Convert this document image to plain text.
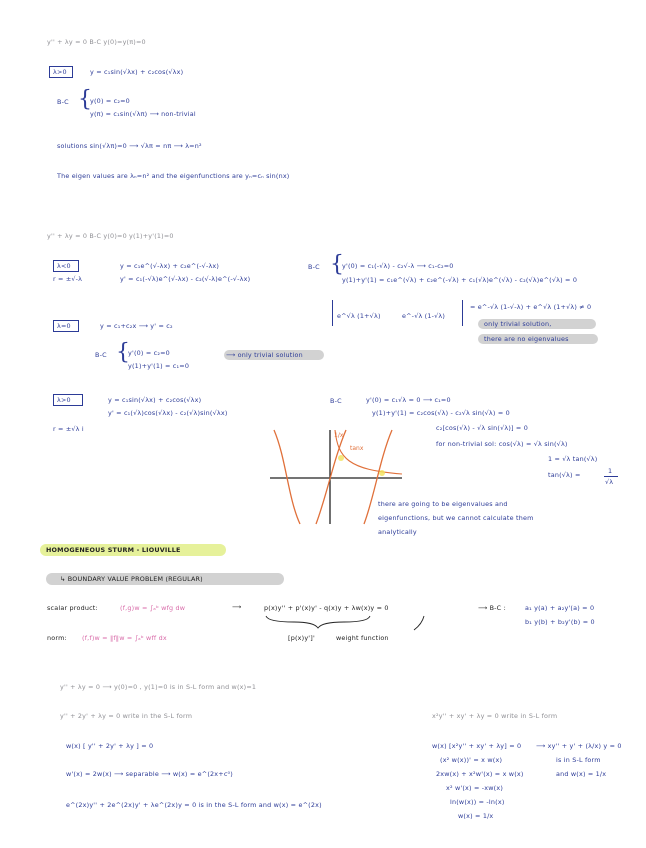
y'' + λy = 0 B-C y(0)=y(π)=0
λ>0	y = c₁sin(√λx) + c₂cos(√λx)
B-C {
y(0) = c₂=0
y(π) = c₁sin(√λπ) ⟶ non-trivial
solutions sin(√λπ)=0 ⟶ √λπ = nπ ⟶ λ=n²
The eigen values are λₙ=n² and the eigenfunctions are yₙ=cₙ sin(nx)
y'' + λy = 0 B-C y(0)=0 y(1)+y'(1)=0
λ<0
r = ±√-λ
y = c₁e^(√-λx) + c₂e^(-√-λx)
y' = c₁(-√λ)e^(√-λx) - c₂(√-λ)e^(-√-λx)
B-C {
y'(0) = c₁(-√λ) - c₂√-λ ⟶ c₁-c₂=0
y(1)+y'(1) = c₁e^(√λ) + c₂e^(-√λ) + c₁(√λ)e^(√λ) - c₂(√λ)e^(√λ) = 0
e^√λ (1+√λ)	e^-√λ (1-√λ)
= e^-√λ (1-√-λ) + e^√λ (1+√λ) ≠ 0
only trivial solution,
there are no eigenvalues
λ=0	y = c₁+c₂x ⟶ y' = c₂
B-C {
y'(0) = c₂=0
y(1)+y'(1) = c₁=0
⟶ only trivial solution
λ>0
r = ±√λ i
y = c₁sin(√λx) + c₂cos(√λx)
y' = c₁(√λ)cos(√λx) - c₂(√λ)sin(√λx)
B-C	y'(0) = c₁√λ = 0 ⟶ c₁=0
y(1)+y'(1) = c₂cos(√λ) - c₂√λ sin(√λ) = 0
c₂[cos(√λ) - √λ sin(√λ)] = 0
for non-trivial sol: cos(√λ) = √λ sin(√λ)
1 = √λ tan(√λ)
tan(√λ) =	1
√λ
1/x
tanx
there are going to be eigenvalues and
eigenfunctions, but we cannot calculate them
analytically
HOMOGENEOUS STURM - LIOUVILLE
↳ BOUNDARY VALUE PROBLEM (REGULAR)
scalar product:	(f,g)w = ∫ₐᵇ wfg dw
norm: (f,f)w = ‖f‖w = ∫ₐᵇ wff dx
⟶	p(x)y'' + p'(x)y' - q(x)y + λw(x)y = 0	⟶ B-C :	a₁ y(a) + a₂y'(a) = 0
b₁ y(b) + b₂y'(b) = 0
[p(x)y']'	weight function
y'' + λy = 0 ⟶ y(0)=0 , y(1)=0 is in S-L form and w(x)=1
y'' + 2y' + λy = 0 write in the S-L form	x²y'' + xy' + λy = 0 write in S-L form
w(x) [ y'' + 2y' + λy ] = 0
w'(x) = 2w(x) ⟶ separable ⟶ w(x) = e^(2x+c⁰)
e^(2x)y'' + 2e^(2x)y' + λe^(2x)y = 0 is in the S-L form and w(x) = e^(2x)
w(x) [x²y'' + xy' + λy] = 0
(x² w(x))' = x w(x)
2xw(x) + x²w'(x) = x w(x)
x² w'(x) = -xw(x)
ln(w(x)) = -ln(x)
w(x) = 1/x
⟶ xy'' + y' + (λ/x) y = 0
is in S-L form
and w(x) = 1/x
